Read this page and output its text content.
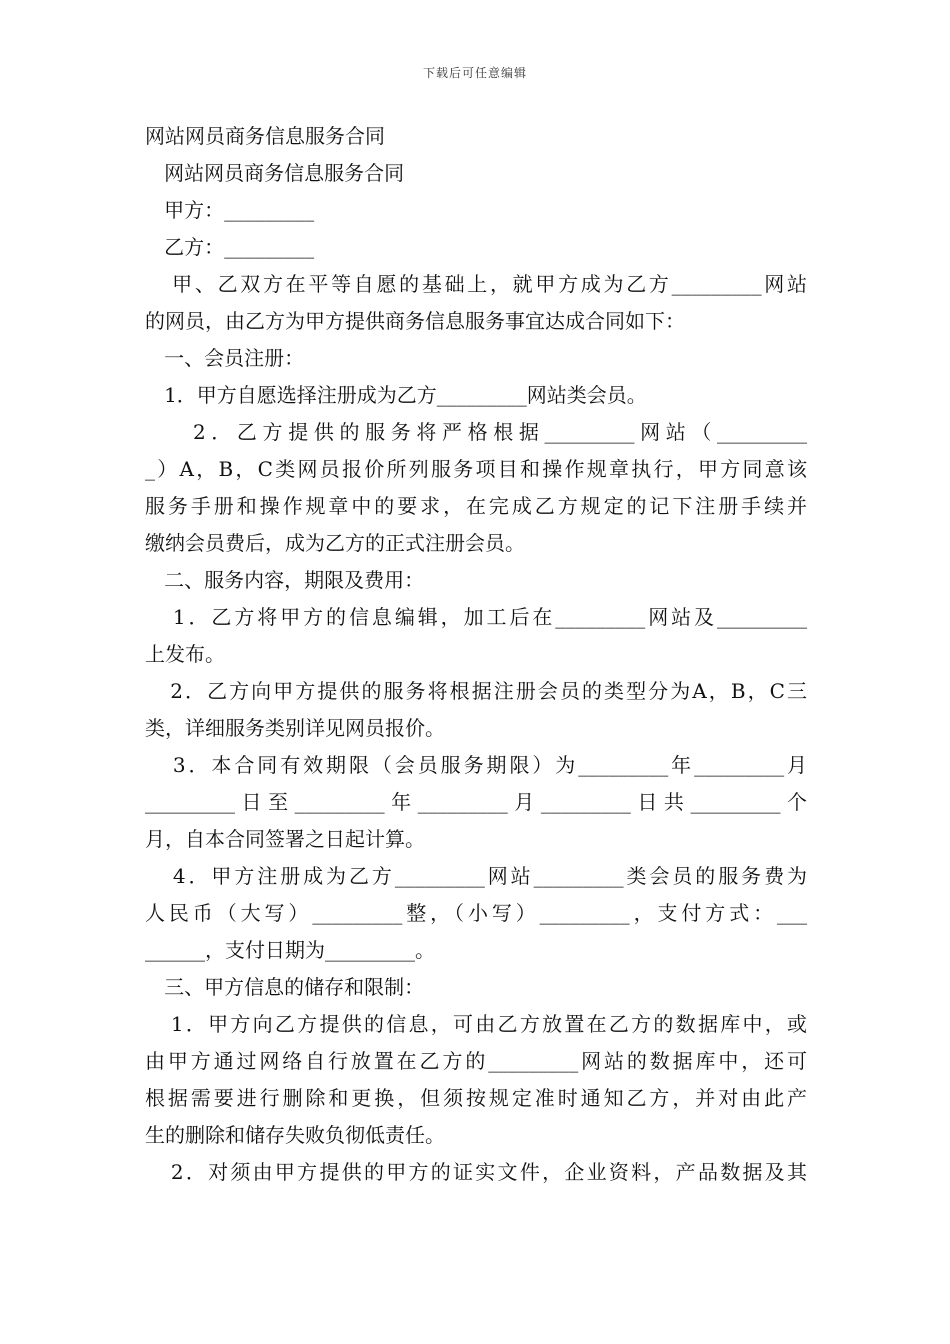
下载后可任意编辑
网站网员商务信息服务合同
网站网员商务信息服务合同
甲方：_________
乙方：_________
甲、乙双方在平等自愿的基础上，就甲方成为乙方_________网站
的网员，由乙方为甲方提供商务信息服务事宜达成合同如下：
一、会员注册：
1．甲方自愿选择注册成为乙方_________网站类会员。
2．乙方提供的服务将严格根据_________网站（_________
_）A，B，C类网员报价所列服务项目和操作规章执行，甲方同意该
服务手册和操作规章中的要求，在完成乙方规定的记下注册手续并
缴纳会员费后，成为乙方的正式注册会员。
二、服务内容，期限及费用：
1．乙方将甲方的信息编辑，加工后在_________网站及_________
上发布。
2．乙方向甲方提供的服务将根据注册会员的类型分为A，B，C三
类，详细服务类别详见网员报价。
3．本合同有效期限（会员服务期限）为_________年_________月
_________日至_________年_________月_________日共_________个
月，自本合同签署之日起计算。
4．甲方注册成为乙方_________网站_________类会员的服务费为
人民币（大写）_________整，（小写）_________，支付方式：___
______，支付日期为_________。
三、甲方信息的储存和限制：
1．甲方向乙方提供的信息，可由乙方放置在乙方的数据库中，或
由甲方通过网络自行放置在乙方的_________网站的数据库中，还可
根据需要进行删除和更换，但须按规定准时通知乙方，并对由此产
生的删除和储存失败负彻低责任。
2．对须由甲方提供的甲方的证实文件，企业资料，产品数据及其
